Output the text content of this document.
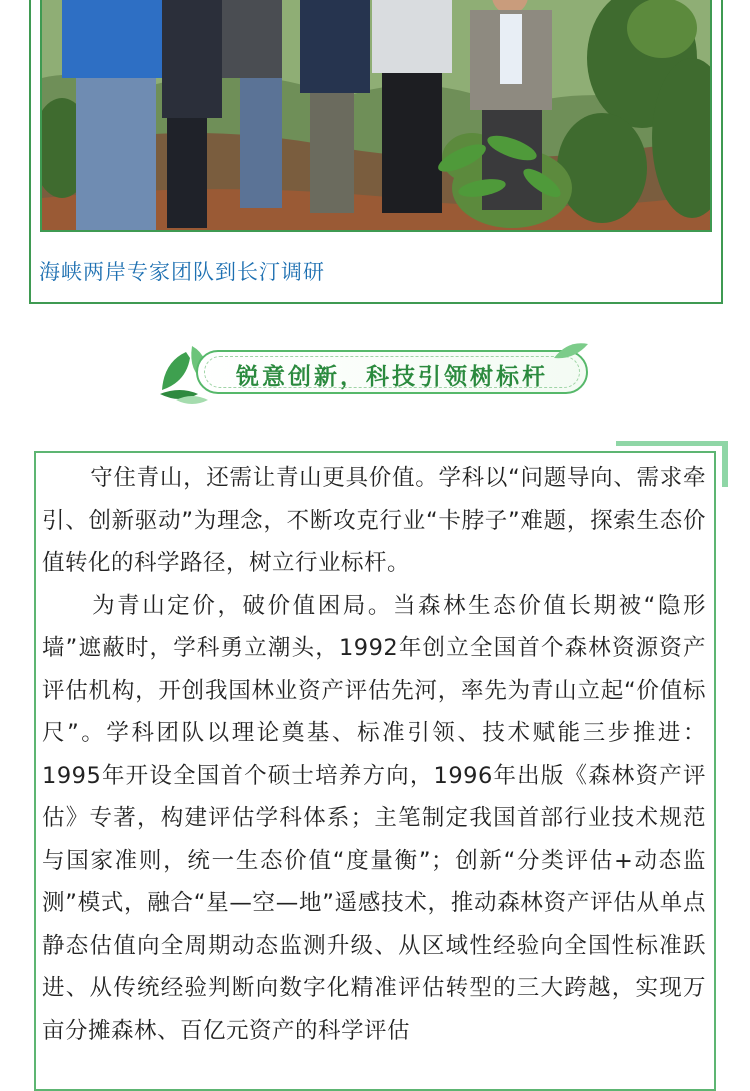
海峡两岸专家团队到长汀调研
锐意创新，科技引领树标杆

守住青山，还需让青山更具价值。学科以“问题导向、需求牵引、创新驱动”为理念，不断攻克行业“卡脖子”难题，探索生态价值转化的科学路径，树立行业标杆。

为青山定价，破价值困局。当森林生态价值长期被“隐形墙”遮蔽时，学科勇立潮头，1992年创立全国首个森林资源资产评估机构，开创我国林业资产评估先河，率先为青山立起“价值标尺”。学科团队以理论奠基、标准引领、技术赋能三步推进：1995年开设全国首个硕士培养方向，1996年出版《森林资产评估》专著，构建评估学科体系；主笔制定我国首部行业技术规范与国家准则，统一生态价值“度量衡”；创新“分类评估+动态监测”模式，融合“星—空—地”遥感技术，推动森林资产评估从单点静态估值向全周期动态监测升级、从区域性经验向全国性标准跃进、从传统经验判断向数字化精准评估转型的三大跨越，实现万亩分摊森林、百亿元资产的科学评估
